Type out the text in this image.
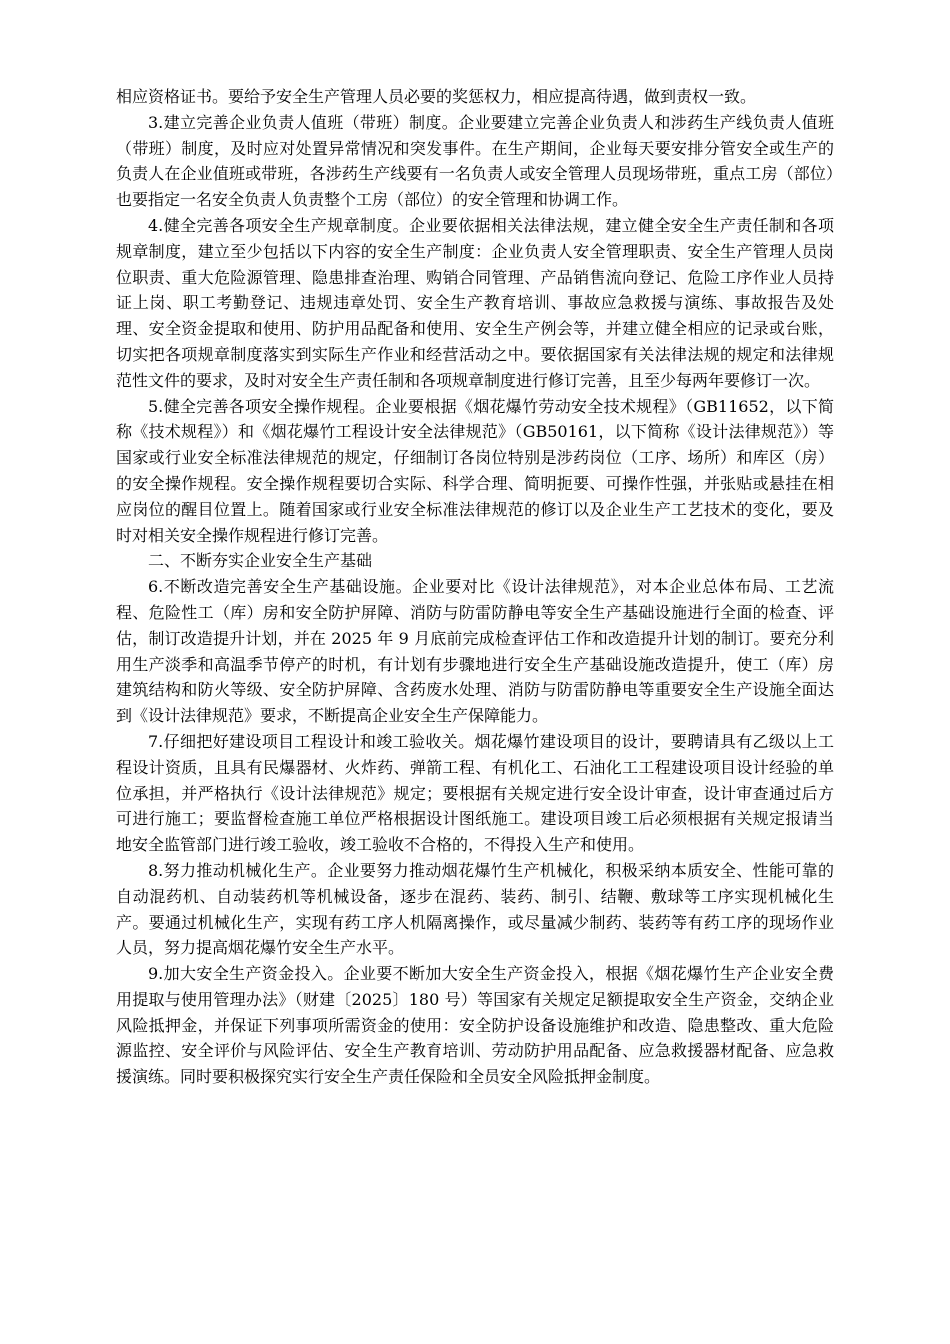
相应资格证书。要给予安全生产管理人员必要的奖惩权力，相应提高待遇，做到责权一致。

3.建立完善企业负责人值班（带班）制度。企业要建立完善企业负责人和涉药生产线负责人值班（带班）制度，及时应对处置异常情况和突发事件。在生产期间，企业每天要安排分管安全或生产的负责人在企业值班或带班，各涉药生产线要有一名负责人或安全管理人员现场带班，重点工房（部位）也要指定一名安全负责人负责整个工房（部位）的安全管理和协调工作。

4.健全完善各项安全生产规章制度。企业要依据相关法律法规，建立健全安全生产责任制和各项规章制度，建立至少包括以下内容的安全生产制度：企业负责人安全管理职责、安全生产管理人员岗位职责、重大危险源管理、隐患排查治理、购销合同管理、产品销售流向登记、危险工序作业人员持证上岗、职工考勤登记、违规违章处罚、安全生产教育培训、事故应急救援与演练、事故报告及处理、安全资金提取和使用、防护用品配备和使用、安全生产例会等，并建立健全相应的记录或台账，切实把各项规章制度落实到实际生产作业和经营活动之中。要依据国家有关法律法规的规定和法律规范性文件的要求，及时对安全生产责任制和各项规章制度进行修订完善，且至少每两年要修订一次。

5.健全完善各项安全操作规程。企业要根据《烟花爆竹劳动安全技术规程》（GB11652，以下简称《技术规程》）和《烟花爆竹工程设计安全法律规范》（GB50161，以下简称《设计法律规范》）等国家或行业安全标准法律规范的规定，仔细制订各岗位特别是涉药岗位（工序、场所）和库区（房）的安全操作规程。安全操作规程要切合实际、科学合理、简明扼要、可操作性强，并张贴或悬挂在相应岗位的醒目位置上。随着国家或行业安全标准法律规范的修订以及企业生产工艺技术的变化，要及时对相关安全操作规程进行修订完善。

二、不断夯实企业安全生产基础

6.不断改造完善安全生产基础设施。企业要对比《设计法律规范》，对本企业总体布局、工艺流程、危险性工（库）房和安全防护屏障、消防与防雷防静电等安全生产基础设施进行全面的检查、评估，制订改造提升计划，并在 2025 年 9 月底前完成检查评估工作和改造提升计划的制订。要充分利用生产淡季和高温季节停产的时机，有计划有步骤地进行安全生产基础设施改造提升，使工（库）房建筑结构和防火等级、安全防护屏障、含药废水处理、消防与防雷防静电等重要安全生产设施全面达到《设计法律规范》要求，不断提高企业安全生产保障能力。

7.仔细把好建设项目工程设计和竣工验收关。烟花爆竹建设项目的设计，要聘请具有乙级以上工程设计资质，且具有民爆器材、火炸药、弹箭工程、有机化工、石油化工工程建设项目设计经验的单位承担，并严格执行《设计法律规范》规定；要根据有关规定进行安全设计审查，设计审查通过后方可进行施工；要监督检查施工单位严格根据设计图纸施工。建设项目竣工后必须根据有关规定报请当地安全监管部门进行竣工验收，竣工验收不合格的，不得投入生产和使用。

8.努力推动机械化生产。企业要努力推动烟花爆竹生产机械化，积极采纳本质安全、性能可靠的自动混药机、自动装药机等机械设备，逐步在混药、装药、制引、结鞭、敷球等工序实现机械化生产。要通过机械化生产，实现有药工序人机隔离操作，或尽量减少制药、装药等有药工序的现场作业人员，努力提高烟花爆竹安全生产水平。

9.加大安全生产资金投入。企业要不断加大安全生产资金投入，根据《烟花爆竹生产企业安全费用提取与使用管理办法》（财建〔2025〕180 号）等国家有关规定足额提取安全生产资金，交纳企业风险抵押金，并保证下列事项所需资金的使用：安全防护设备设施维护和改造、隐患整改、重大危险源监控、安全评价与风险评估、安全生产教育培训、劳动防护用品配备、应急救援器材配备、应急救援演练。同时要积极探究实行安全生产责任保险和全员安全风险抵押金制度。
